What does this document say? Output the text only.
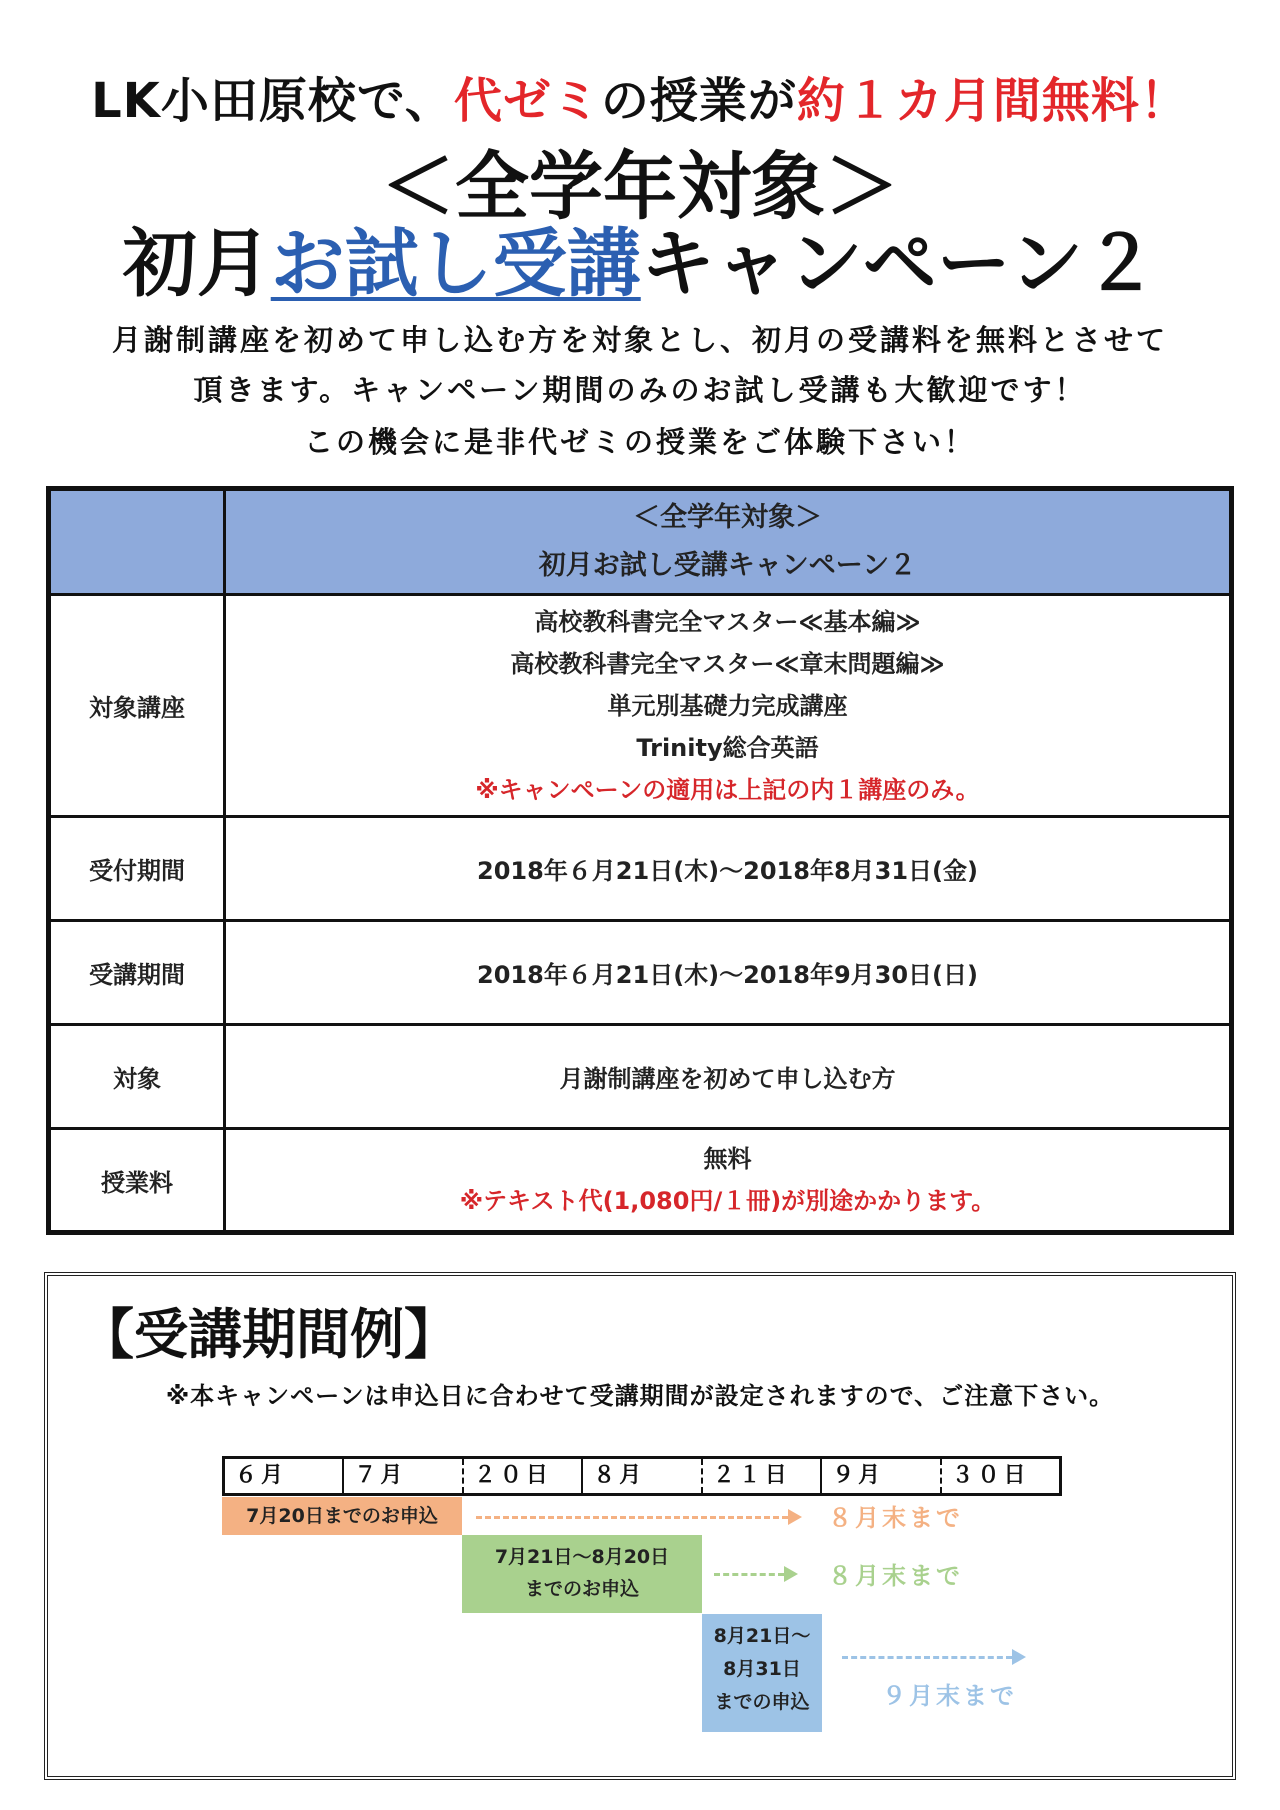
LK小田原校で、代ゼミの授業が約１カ月間無料！
＜全学年対象＞
初月お試し受講キャンペーン２
月謝制講座を初めて申し込む方を対象とし、初月の受講料を無料とさせて
頂きます。キャンペーン期間のみのお試し受講も大歓迎です！
この機会に是非代ゼミの授業をご体験下さい！

	＜全学年対象＞
初月お試し受講キャンペーン２

対象講座	高校教科書完全マスター≪基本編≫
高校教科書完全マスター≪章末問題編≫
単元別基礎力完成講座
Trinity総合英語
※キャンペーンの適用は上記の内１講座のみ。

受付期間	2018年６月21日(木)～2018年8月31日(金)
受講期間	2018年６月21日(木)～2018年9月30日(日)
対象	月謝制講座を初めて申し込む方
授業料	無料
※テキスト代(1,080円/１冊)が別途かかります。
【受講期間例】
※本キャンペーンは申込日に合わせて受講期間が設定されますので、ご注意下さい。
６月	７月	２０日	８月	２１日	９月	３０日
7月20日までのお申込	８月末まで
7月21日～8月20日
までのお申込	８月末まで
8月21日～
8月31日
までの申込	９月末まで
